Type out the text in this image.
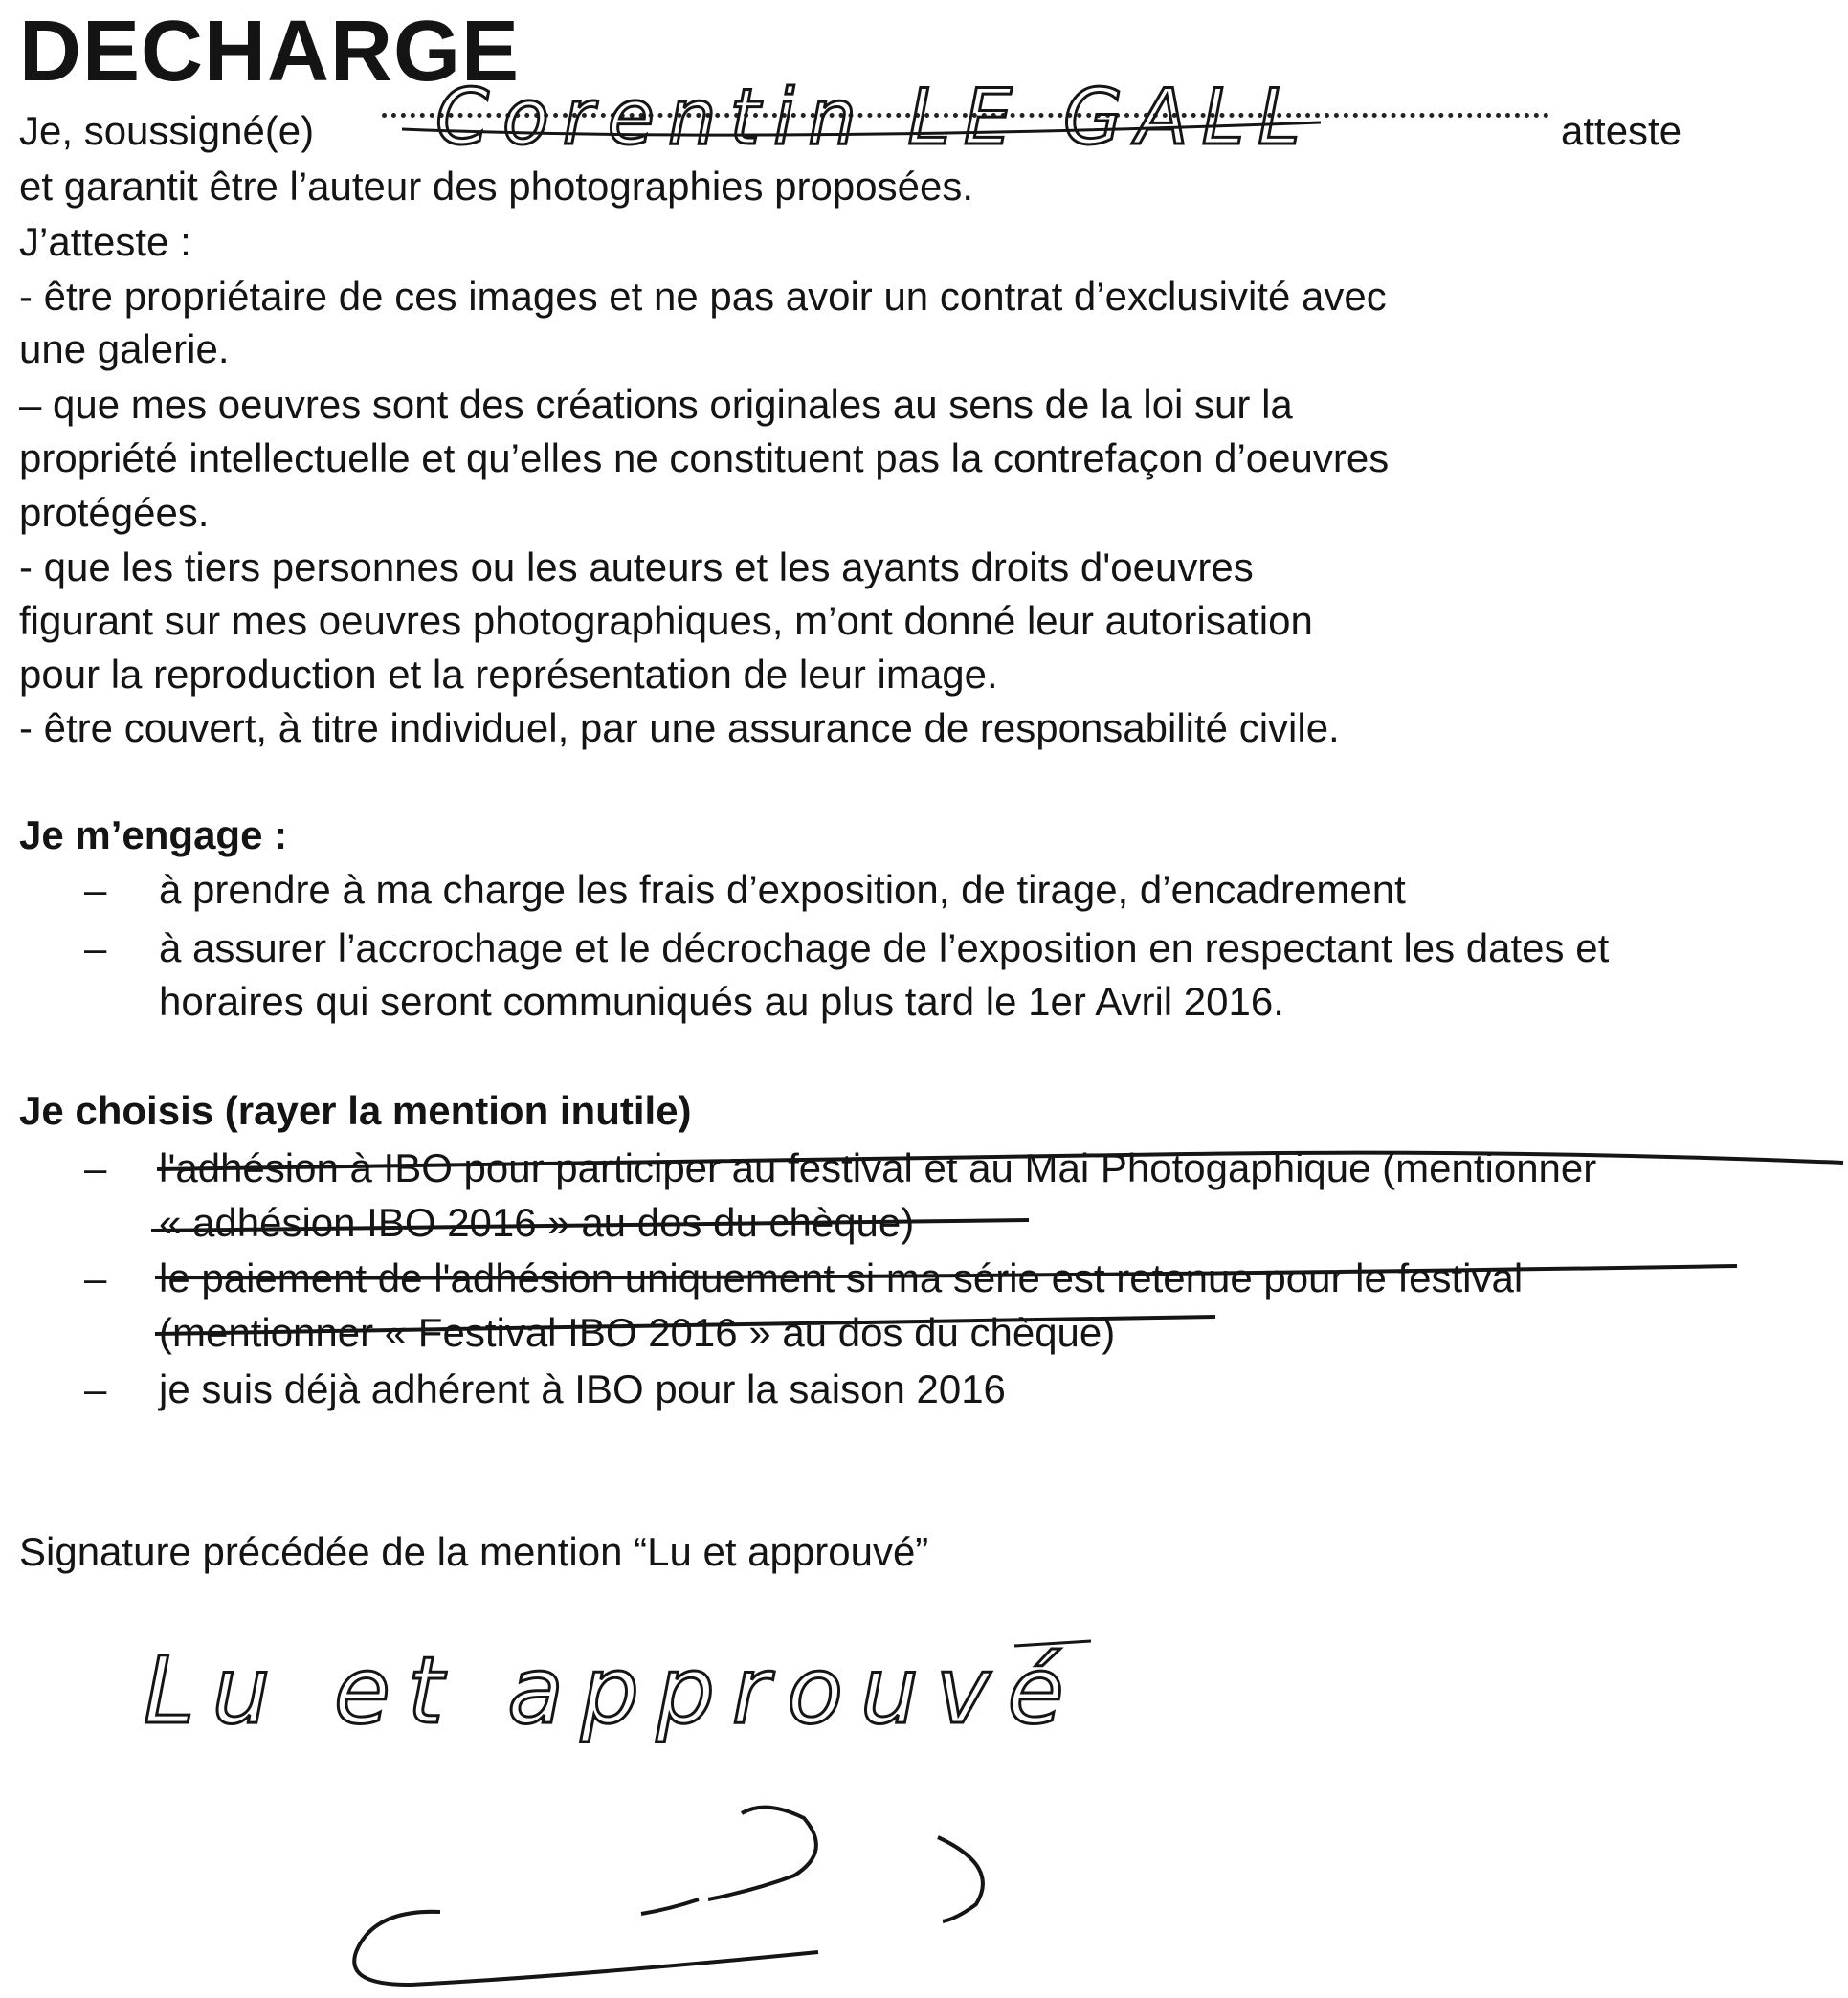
DECHARGE
Je, soussigné(e)	atteste
et garantit être l’auteur des photographies proposées.
J’atteste :
- être propriétaire de ces images et ne pas avoir un contrat d’exclusivité avec
une galerie.
– que mes oeuvres sont des créations originales au sens de la loi sur la
propriété intellectuelle et qu’elles ne constituent pas la contrefaçon d’oeuvres
protégées.
- que les tiers personnes ou les auteurs et les ayants droits d'oeuvres
figurant sur mes oeuvres photographiques, m’ont donné leur autorisation
pour la reproduction et la représentation de leur image.
- être couvert, à titre individuel, par une assurance de responsabilité civile.
Je m’engage :
– à prendre à ma charge les frais d’exposition, de tirage, d’encadrement
– à assurer l’accrochage et le décrochage de l’exposition en respectant les dates et
horaires qui seront communiqués au plus tard le 1er Avril 2016.
Je choisis (rayer la mention inutile)
– l'adhésion à IBO pour participer au festival et au Mai Photogaphique (mentionner
« adhésion IBO 2016 » au dos du chèque)
– le paiement de l'adhésion uniquement si ma série est retenue pour le festival
(mentionner « Festival IBO 2016 » au dos du chèque)
– je suis déjà adhérent à IBO pour la saison 2016
Signature précédée de la mention “Lu et approuvé”
Corentin LE GALL
Lu et approuvé
